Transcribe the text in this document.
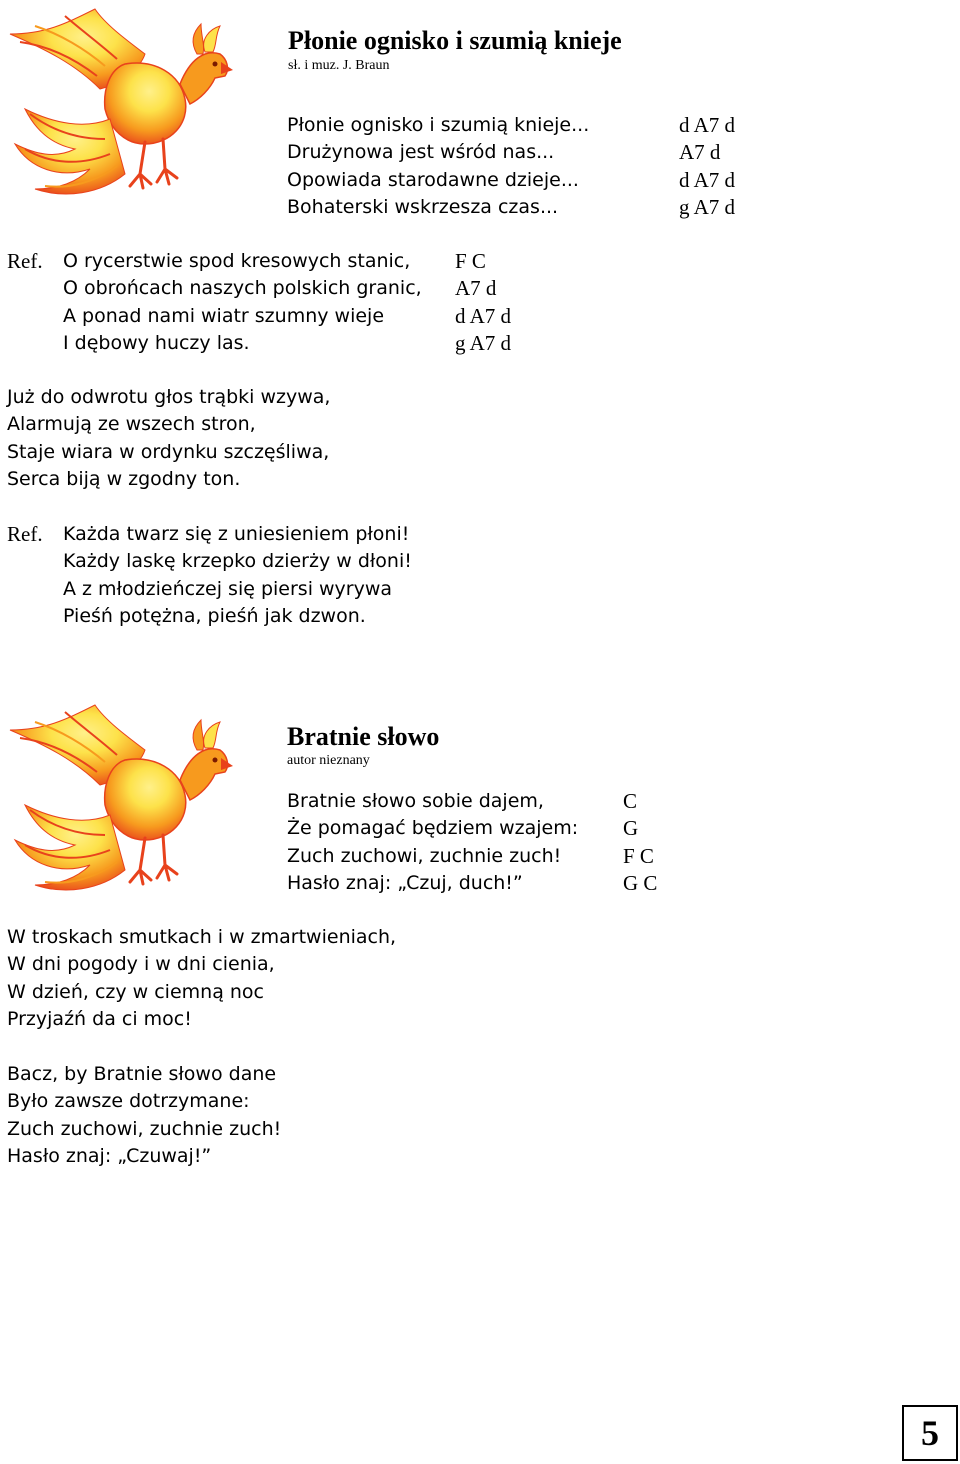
Płonie ognisko i szumią knieje
sł. i muz. J. Braun
Płonie ognisko i szumią knieje...
Drużynowa jest wśród nas...
Opowiada starodawne dzieje...
Bohaterski wskrzesza czas...
d A7 d
A7 d
d A7 d
g A7 d
Ref. O rycerstwie spod kresowych stanic,
O obrońcach naszych polskich granic,
A ponad nami wiatr szumny wieje
I dębowy huczy las.
F C
A7 d
d A7 d
g A7 d
Już do odwrotu głos trąbki wzywa,
Alarmują ze wszech stron,
Staje wiara w ordynku szczęśliwa,
Serca biją w zgodny ton.
Ref. Każda twarz się z uniesieniem płoni!
Każdy laskę krzepko dzierży w dłoni!
A z młodzieńczej się piersi wyrywa
Pieśń potężna, pieśń jak dzwon.
Bratnie słowo
autor nieznany
Bratnie słowo sobie dajem,
Że pomagać będziem wzajem:
Zuch zuchowi, zuchnie zuch!
Hasło znaj: „Czuj, duch!”
C
G
F C
G C
W troskach smutkach i w zmartwieniach,
W dni pogody i w dni cienia,
W dzień, czy w ciemną noc
Przyjaźń da ci moc!
Bacz, by Bratnie słowo dane
Było zawsze dotrzymane:
Zuch zuchowi, zuchnie zuch!
Hasło znaj: „Czuwaj!”
5
